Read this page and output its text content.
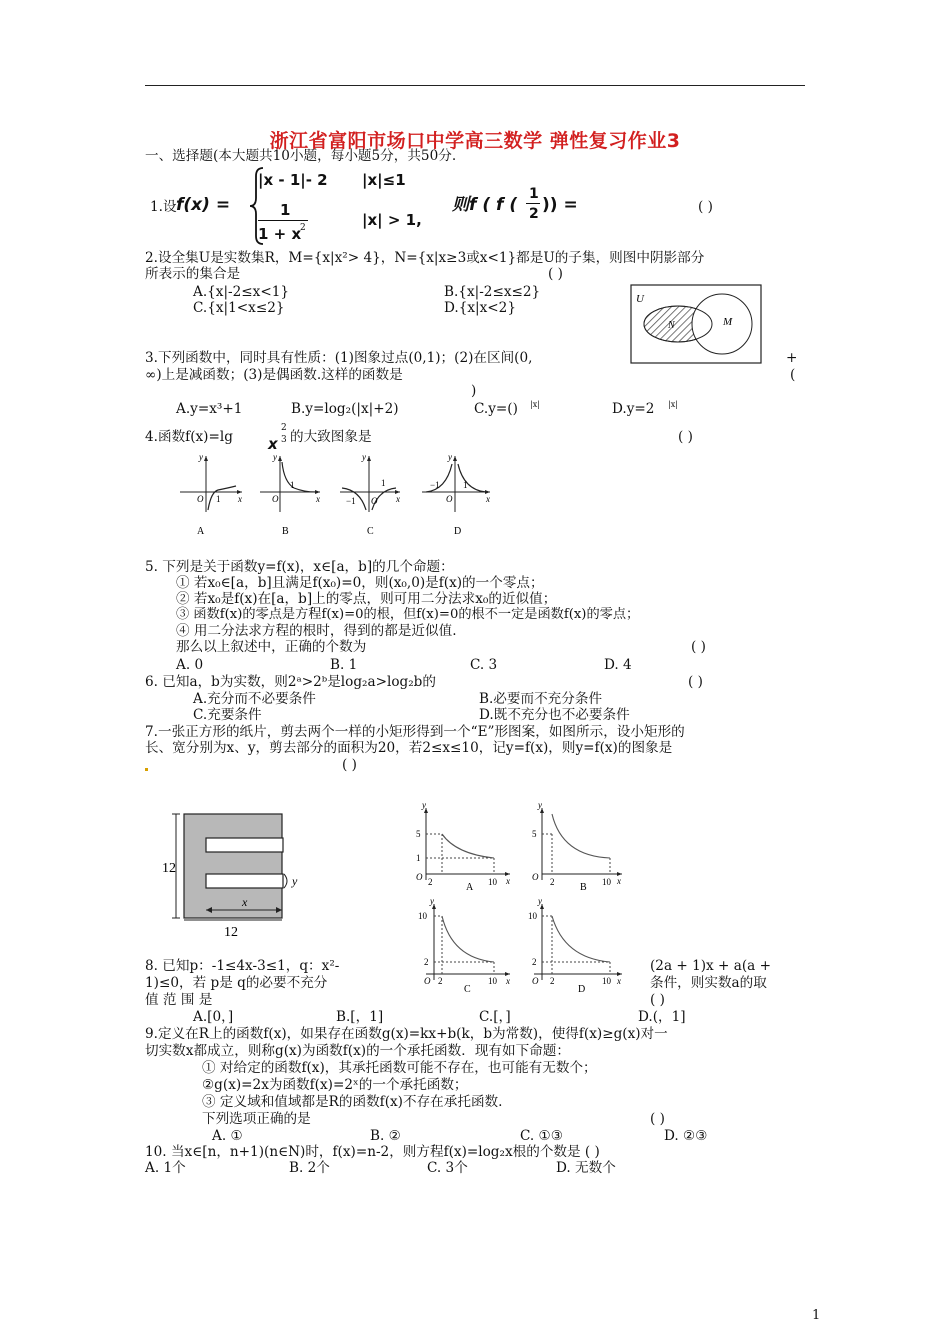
浙江省富阳市场口中学高三数学 弹性复习作业3
一、选择题(本大题共10小题，每小题5分，共50分.
1.设 f(x) =
|x - 1|- 2 |x|≤1
1
1 + x
2	|x| > 1,
则f ( f (
1
2 )) =	( )
2.设全集U是实数集R，M={x|x²> 4}，N={x|x≥3或x<1}都是U的子集，则图中阴影部分
所表示的集合是	( )
A.{x|-2≤x<1}	B.{x|-2≤x≤2}
C.{x|1<x≤2}	D.{x|x<2}
U
N	M
3.下列函数中，同时具有性质：(1)图象过点(0,1)；(2)在区间(0,	+
∞)上是减函数；(3)是偶函数.这样的函数是	(
)
A.y=x³+1	B.y=log₂(|x|+2)	C.y=() |x|	D.y=2 |x|
4.函数f(x)=lg x
2
3 的大致图象是	( )
y
O 1 x
y
O
1
x
y
−1 O
1
x
y
−1
O
1
x
A	B	C	D
5. 下列是关于函数y=f(x)，x∈[a，b]的几个命题：
① 若x₀∈[a，b]且满足f(x₀)=0，则(x₀,0)是f(x)的一个零点；
② 若x₀是f(x)在[a，b]上的零点，则可用二分法求x₀的近似值；
③ 函数f(x)的零点是方程f(x)=0的根，但f(x)=0的根不一定是函数f(x)的零点；
④ 用二分法求方程的根时，得到的都是近似值.
那么以上叙述中，正确的个数为	( )
A. 0	B. 1	C. 3	D. 4
6. 已知a，b为实数，则2ᵃ>2ᵇ是log₂a>log₂b的	( )
A.充分而不必要条件	B.必要而不充分条件
C.充要条件	D.既不充分也不必要条件
7.一张正方形的纸片，剪去两个一样的小矩形得到一个“E”形图案，如图所示，设小矩形的
长、宽分别为x、y，剪去部分的面积为20，若2≤x≤10，记y=f(x)，则y=f(x)的图象是
( )
12
12
x
y
y
5
1
O 2	10 x
A
y
5
O 2	10 x
B
y
10
2
O 2	10 x
C
y
10
2
O 2	10 x
D
8. 已知p：-1≤4x-3≤1，q：x²-	(2a + 1)x + a(a +
1)≤0，若 p是 q的必要不充分	条件，则实数a的取
值 范 围 是	( )
A.[0，]	B.[，1]	C.[，]	D.(，1]
9.定义在R上的函数f(x)，如果存在函数g(x)=kx+b(k，b为常数)，使得f(x)≥g(x)对一
切实数x都成立，则称g(x)为函数f(x)的一个承托函数．现有如下命题：
① 对给定的函数f(x)，其承托函数可能不存在，也可能有无数个；
②g(x)=2x为函数f(x)=2ˣ的一个承托函数；
③ 定义域和值域都是R的函数f(x)不存在承托函数.
下列选项正确的是	( )
A. ①	B. ②	C. ①③	D. ②③
10. 当x∈[n，n+1)(n∈N)时，f(x)=n-2，则方程f(x)=log₂x根的个数是 ( )
A. 1个	B. 2个	C. 3个	D. 无数个
1
